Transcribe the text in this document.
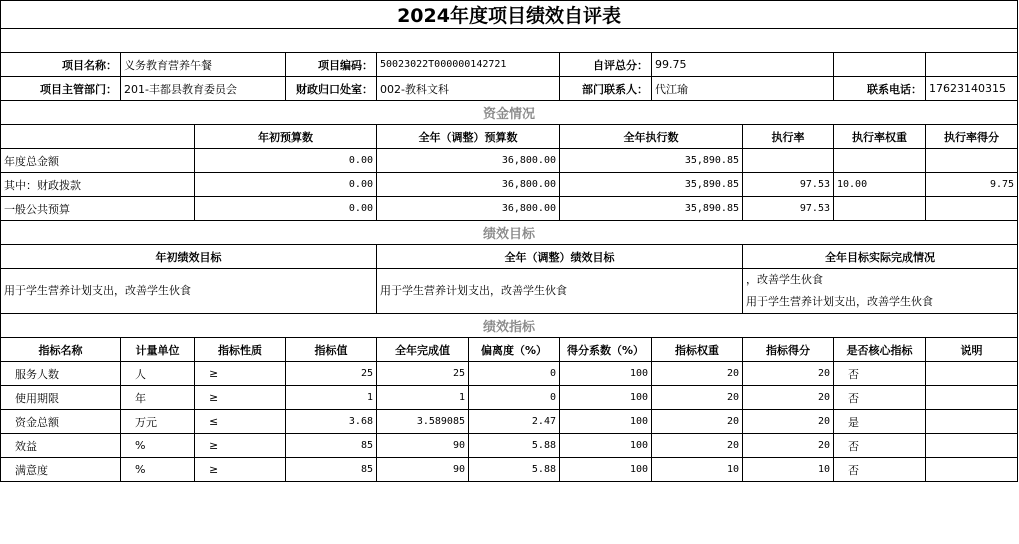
2024年度项目绩效自评表										

项目名称：	义务教育营养午餐		项目编码：	50023022T000000142721		自评总分：	99.75			
项目主管部门：	201-丰都县教育委员会		财政归口处室：	002-教科文科		部门联系人：	代江瑜		联系电话：	17623140315
资金情况										
		年初预算数		全年（调整）预算数		全年执行数		执行率	执行率权重	执行率得分
年度总金额		0.00		36,800.00		35,890.85				
其中：财政拨款		0.00		36,800.00		35,890.85		97.53	10.00	9.75
一般公共预算		0.00		36,800.00		35,890.85		97.53		
绩效目标										
年初绩效目标				全年（调整）绩效目标				全年目标实际完成情况		
用于学生营养计划支出，改善学生伙食				用于学生营养计划支出，改善学生伙食				，改善学生伙食
用于学生营养计划支出，改善学生伙食		

绩效指标										
指标名称	计量单位	指标性质	指标值	全年完成值	偏离度（%）	得分系数（%）	指标权重	指标得分	是否核心指标	说明
服务人数	人	≥	25	25	0	100	20	20	否	
使用期限	年	≥	1	1	0	100	20	20	否	
资金总额	万元	≤	3.68	3.589085	2.47	100	20	20	是	
效益	%	≥	85	90	5.88	100	20	20	否	
满意度	%	≥	85	90	5.88	100	10	10	否	
